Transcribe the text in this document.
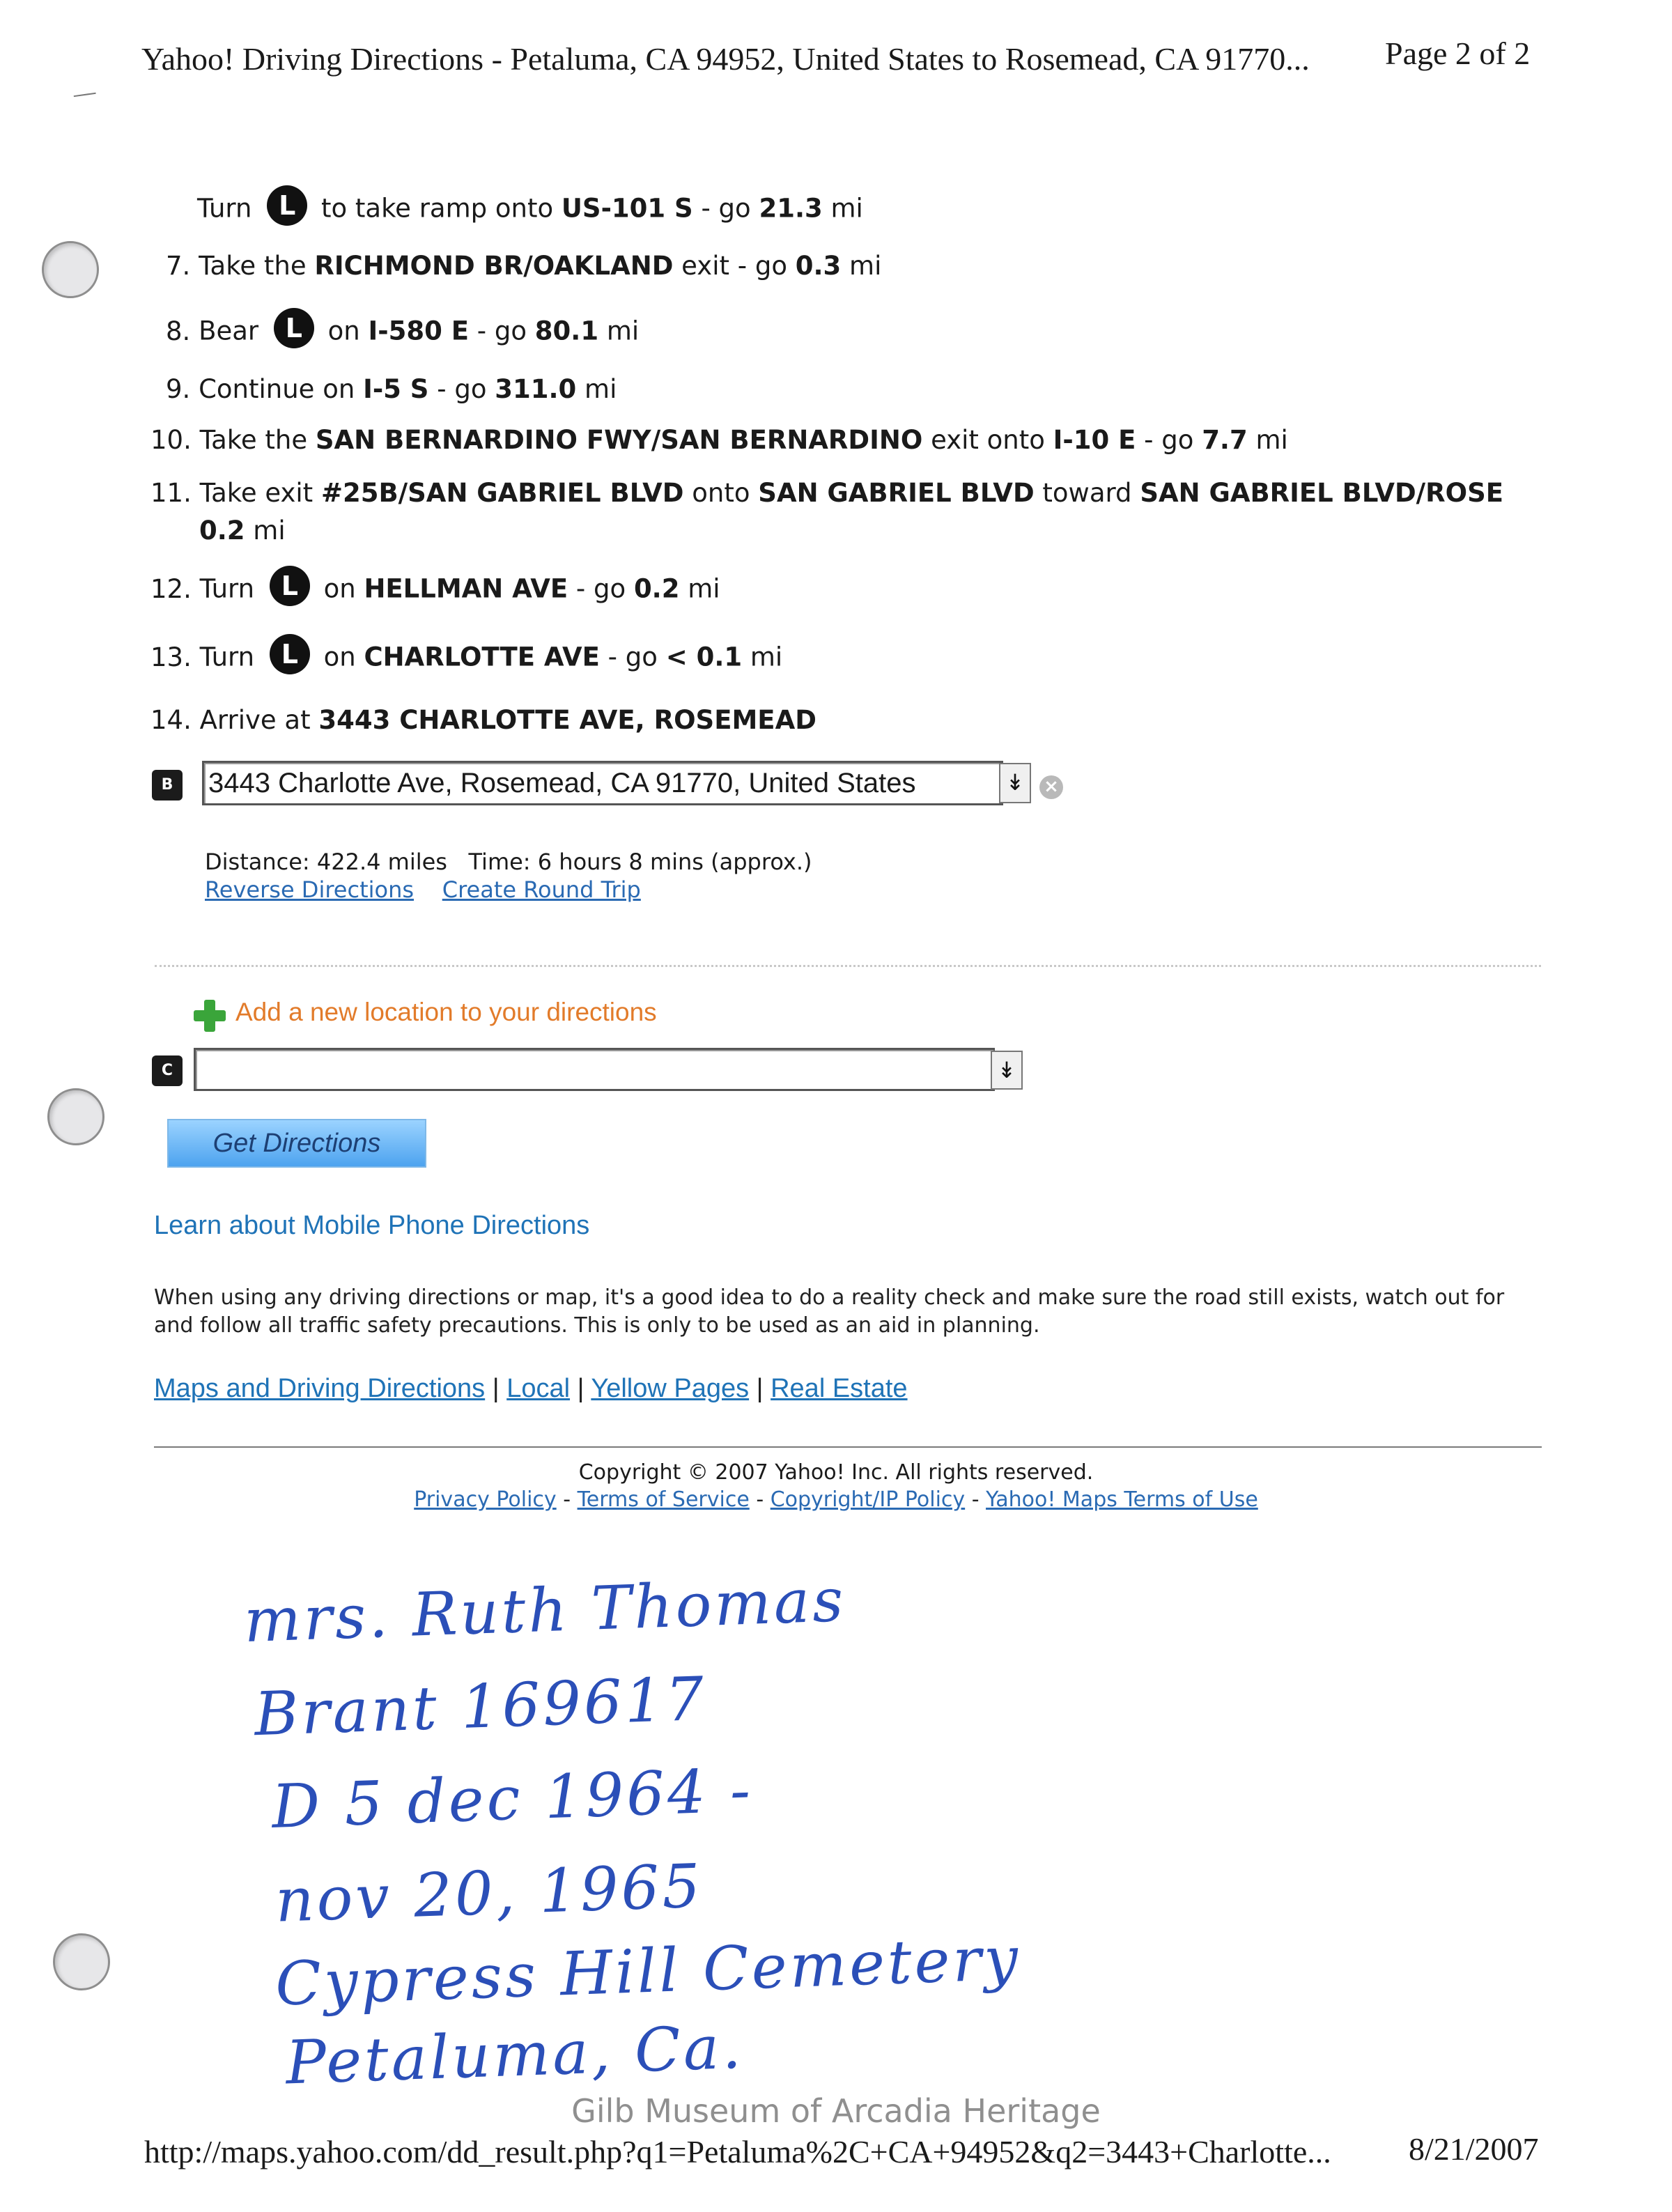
Yahoo! Driving Directions - Petaluma, CA 94952, United States to Rosemead, CA 91770... Page 2 of 2
Turn L to take ramp onto US-101 S - go 21.3 mi
7. Take the RICHMOND BR/OAKLAND exit - go 0.3 mi
8. Bear L on I-580 E - go 80.1 mi
9. Continue on I-5 S - go 311.0 mi
10. Take the SAN BERNARDINO FWY/SAN BERNARDINO exit onto I-10 E - go 7.7 mi
11. Take exit #25B/SAN GABRIEL BLVD onto SAN GABRIEL BLVD toward SAN GABRIEL BLVD/ROSE
0.2 mi
12. Turn L on HELLMAN AVE - go 0.2 mi
13. Turn L on CHARLOTTE AVE - go < 0.1 mi
14. Arrive at 3443 CHARLOTTE AVE, ROSEMEAD
B	3443 Charlotte Ave, Rosemead, CA 91770, United States	↡	×
Distance: 422.4 miles Time: 6 hours 8 mins (approx.)
Reverse Directions Create Round Trip
Add a new location to your directions
C	↡
Get Directions
Learn about Mobile Phone Directions
When using any driving directions or map, it's a good idea to do a reality check and make sure the road still exists, watch out for
and follow all traffic safety precautions. This is only to be used as an aid in planning.
Maps and Driving Directions | Local | Yellow Pages | Real Estate
Copyright © 2007 Yahoo! Inc. All rights reserved.
Privacy Policy - Terms of Service - Copyright/IP Policy - Yahoo! Maps Terms of Use
mrs. Ruth Thomas
Brant 169617
D 5 dec 1964 -
nov 20, 1965
Cypress Hill Cemetery
Petaluma, Ca.
Gilb Museum of Arcadia Heritage
http://maps.yahoo.com/dd_result.php?q1=Petaluma%2C+CA+94952&q2=3443+Charlotte... 8/21/2007
